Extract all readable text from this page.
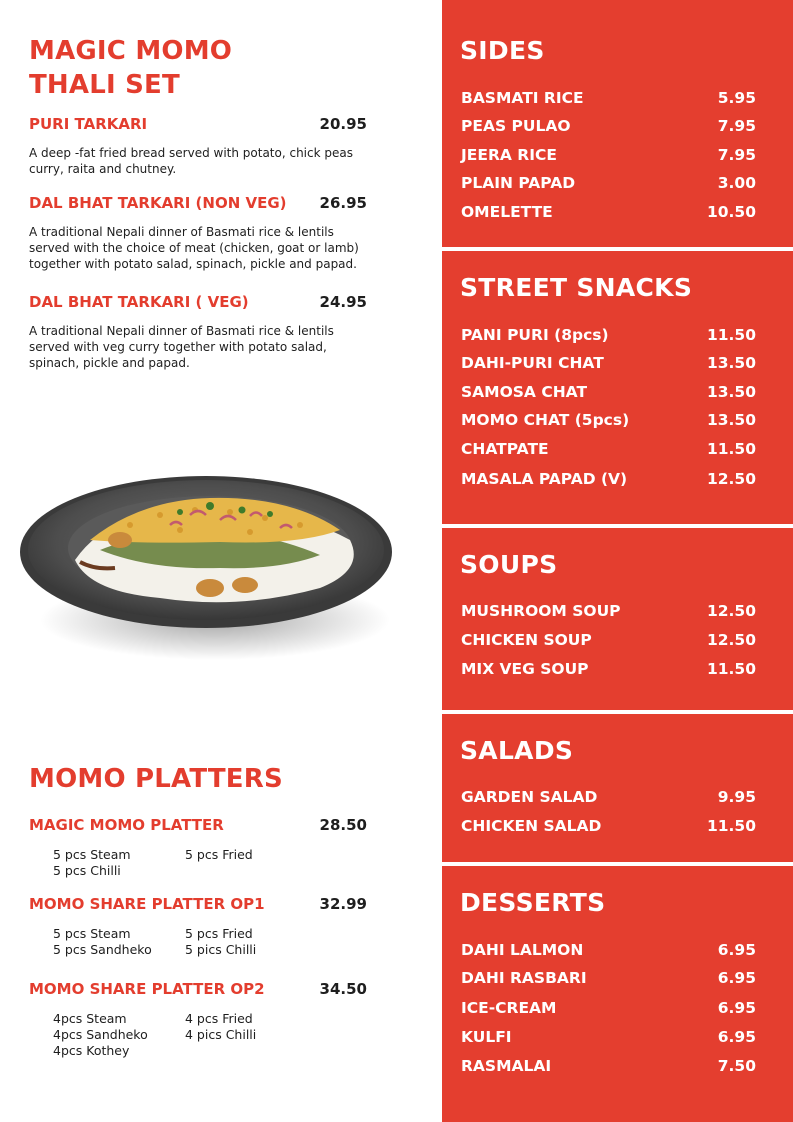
MAGIC MOMO
THALI SET
PURI TARKARI	20.95
A deep -fat fried bread served with potato, chick peas curry, raita and chutney.
DAL BHAT TARKARI (NON VEG) 26.95
A traditional Nepali dinner of Basmati rice & lentils served with the choice of meat (chicken, goat or lamb) together with potato salad, spinach, pickle and papad.
DAL BHAT TARKARI ( VEG)	24.95
A traditional Nepali dinner of Basmati rice & lentils served with veg curry together with potato salad, spinach, pickle and papad.
MOMO PLATTERS
MAGIC MOMO PLATTER	28.50
5 pcs Steam	5 pcs Fried
5 pcs Chilli
MOMO SHARE PLATTER OP1	32.99
5 pcs Steam	5 pcs Fried
5 pcs Sandheko	5 pics Chilli
MOMO SHARE PLATTER OP2	34.50
4pcs Steam	4 pcs Fried
4pcs Sandheko	4 pics Chilli
4pcs Kothey
SIDES
BASMATI RICE	5.95
PEAS PULAO	7.95
JEERA RICE	7.95
PLAIN PAPAD	3.00
OMELETTE	10.50
STREET SNACKS
PANI PURI (8pcs)	11.50
DAHI-PURI CHAT	13.50
SAMOSA CHAT	13.50
MOMO CHAT (5pcs)	13.50
CHATPATE	11.50
MASALA PAPAD (V)	12.50
SOUPS
MUSHROOM SOUP	12.50
CHICKEN SOUP	12.50
MIX VEG SOUP	11.50
SALADS
GARDEN SALAD	9.95
CHICKEN SALAD	11.50
DESSERTS
DAHI LALMON	6.95
DAHI RASBARI	6.95
ICE-CREAM	6.95
KULFI	6.95
RASMALAI	7.50
